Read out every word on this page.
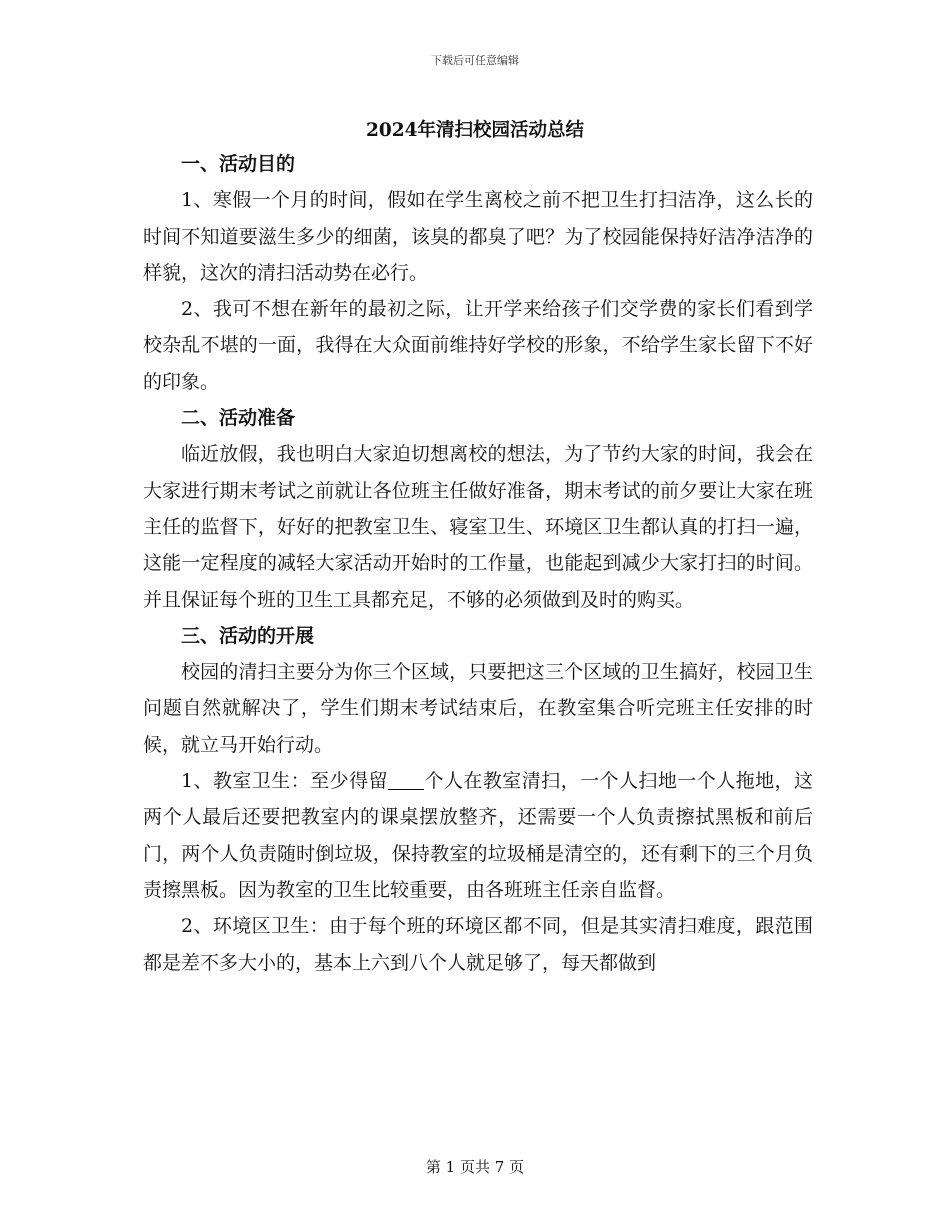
下载后可任意编辑
2024年清扫校园活动总结
一、活动目的

1、寒假一个月的时间，假如在学生离校之前不把卫生打扫洁净，这么长的时间不知道要滋生多少的细菌，该臭的都臭了吧？为了校园能保持好洁净洁净的样貌，这次的清扫活动势在必行。

2、我可不想在新年的最初之际，让开学来给孩子们交学费的家长们看到学校杂乱不堪的一面，我得在大众面前维持好学校的形象，不给学生家长留下不好的印象。

二、活动准备

临近放假，我也明白大家迫切想离校的想法，为了节约大家的时间，我会在大家进行期末考试之前就让各位班主任做好准备，期末考试的前夕要让大家在班主任的监督下，好好的把教室卫生、寝室卫生、环境区卫生都认真的打扫一遍，这能一定程度的减轻大家活动开始时的工作量，也能起到减少大家打扫的时间。并且保证每个班的卫生工具都充足，不够的必须做到及时的购买。

三、活动的开展

校园的清扫主要分为你三个区域，只要把这三个区域的卫生搞好，校园卫生问题自然就解决了，学生们期末考试结束后，在教室集合听完班主任安排的时候，就立马开始行动。

1、教室卫生：至少得留 个人在教室清扫，一个人扫地一个人拖地，这两个人最后还要把教室内的课桌摆放整齐，还需要一个人负责擦拭黑板和前后门，两个人负责随时倒垃圾，保持教室的垃圾桶是清空的，还有剩下的三个月负责擦黑板。因为教室的卫生比较重要，由各班班主任亲自监督。

2、环境区卫生：由于每个班的环境区都不同，但是其实清扫难度，跟范围都是差不多大小的，基本上六到八个人就足够了，每天都做到

第 1 页共 7 页
